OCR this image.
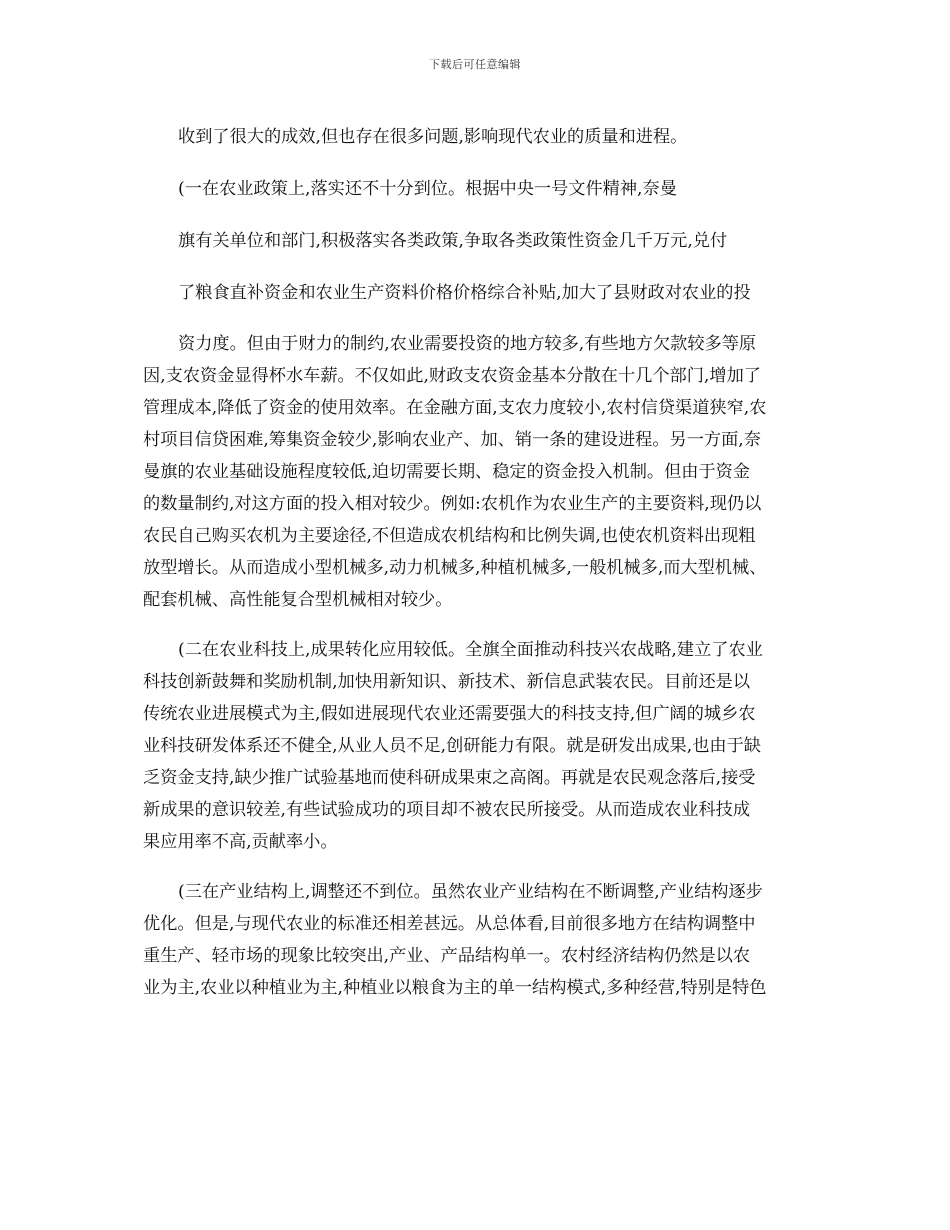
下载后可任意编辑
收到了很大的成效,但也存在很多问题,影响现代农业的质量和进程。
(一在农业政策上,落实还不十分到位。根据中央一号文件精神,奈曼
旗有关单位和部门,积极落实各类政策,争取各类政策性资金几千万元,兑付
了粮食直补资金和农业生产资料价格价格综合补贴,加大了县财政对农业的投
资力度。但由于财力的制约,农业需要投资的地方较多,有些地方欠款较多等原
因,支农资金显得杯水车薪。不仅如此,财政支农资金基本分散在十几个部门,增加了
管理成本,降低了资金的使用效率。在金融方面,支农力度较小,农村信贷渠道狭窄,农
村项目信贷困难,筹集资金较少,影响农业产、加、销一条的建设进程。另一方面,奈
曼旗的农业基础设施程度较低,迫切需要长期、稳定的资金投入机制。但由于资金
的数量制约,对这方面的投入相对较少。例如:农机作为农业生产的主要资料,现仍以
农民自己购买农机为主要途径,不但造成农机结构和比例失调,也使农机资料出现粗
放型增长。从而造成小型机械多,动力机械多,种植机械多,一般机械多,而大型机械、
配套机械、高性能复合型机械相对较少。
(二在农业科技上,成果转化应用较低。全旗全面推动科技兴农战略,建立了农业
科技创新鼓舞和奖励机制,加快用新知识、新技术、新信息武装农民。目前还是以
传统农业进展模式为主,假如进展现代农业还需要强大的科技支持,但广阔的城乡农
业科技研发体系还不健全,从业人员不足,创研能力有限。就是研发出成果,也由于缺
乏资金支持,缺少推广试验基地而使科研成果束之高阁。再就是农民观念落后,接受
新成果的意识较差,有些试验成功的项目却不被农民所接受。从而造成农业科技成
果应用率不高,贡献率小。
(三在产业结构上,调整还不到位。虽然农业产业结构在不断调整,产业结构逐步
优化。但是,与现代农业的标准还相差甚远。从总体看,目前很多地方在结构调整中
重生产、轻市场的现象比较突出,产业、产品结构单一。农村经济结构仍然是以农
业为主,农业以种植业为主,种植业以粮食为主的单一结构模式,多种经营,特别是特色
